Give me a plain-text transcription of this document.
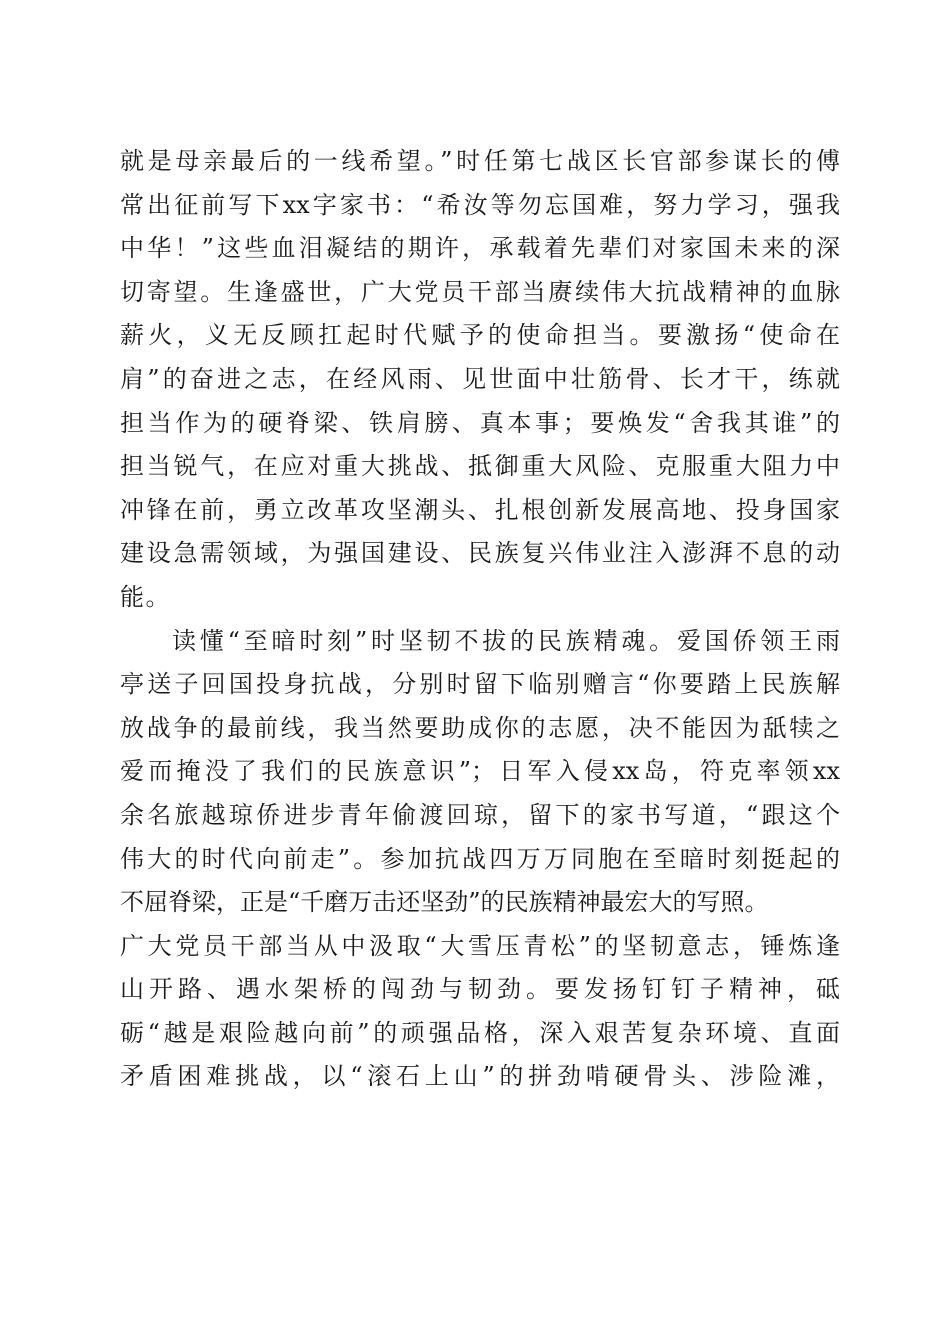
就是母亲最后的一线希望。”时任第七战区长官部参谋长的傅
常出征前写下xx字家书：“希汝等勿忘国难，努力学习，强我
中华！”这些血泪凝结的期许，承载着先辈们对家国未来的深
切寄望。生逢盛世，广大党员干部当赓续伟大抗战精神的血脉
薪火，义无反顾扛起时代赋予的使命担当。要激扬“使命在
肩”的奋进之志，在经风雨、见世面中壮筋骨、长才干，练就
担当作为的硬脊梁、铁肩膀、真本事；要焕发“舍我其谁”的
担当锐气，在应对重大挑战、抵御重大风险、克服重大阻力中
冲锋在前，勇立改革攻坚潮头、扎根创新发展高地、投身国家
建设急需领域，为强国建设、民族复兴伟业注入澎湃不息的动
能。
读懂“至暗时刻”时坚韧不拔的民族精魂。爱国侨领王雨
亭送子回国投身抗战，分别时留下临别赠言“你要踏上民族解
放战争的最前线，我当然要助成你的志愿，决不能因为舐犊之
爱而掩没了我们的民族意识”；日军入侵xx岛，符克率领xx
余名旅越琼侨进步青年偷渡回琼，留下的家书写道，“跟这个
伟大的时代向前走”。参加抗战四万万同胞在至暗时刻挺起的
不屈脊梁，正是“千磨万击还坚劲”的民族精神最宏大的写照。
广大党员干部当从中汲取“大雪压青松”的坚韧意志，锤炼逢
山开路、遇水架桥的闯劲与韧劲。要发扬钉钉子精神，砥
砺“越是艰险越向前”的顽强品格，深入艰苦复杂环境、直面
矛盾困难挑战，以“滚石上山”的拼劲啃硬骨头、涉险滩，
